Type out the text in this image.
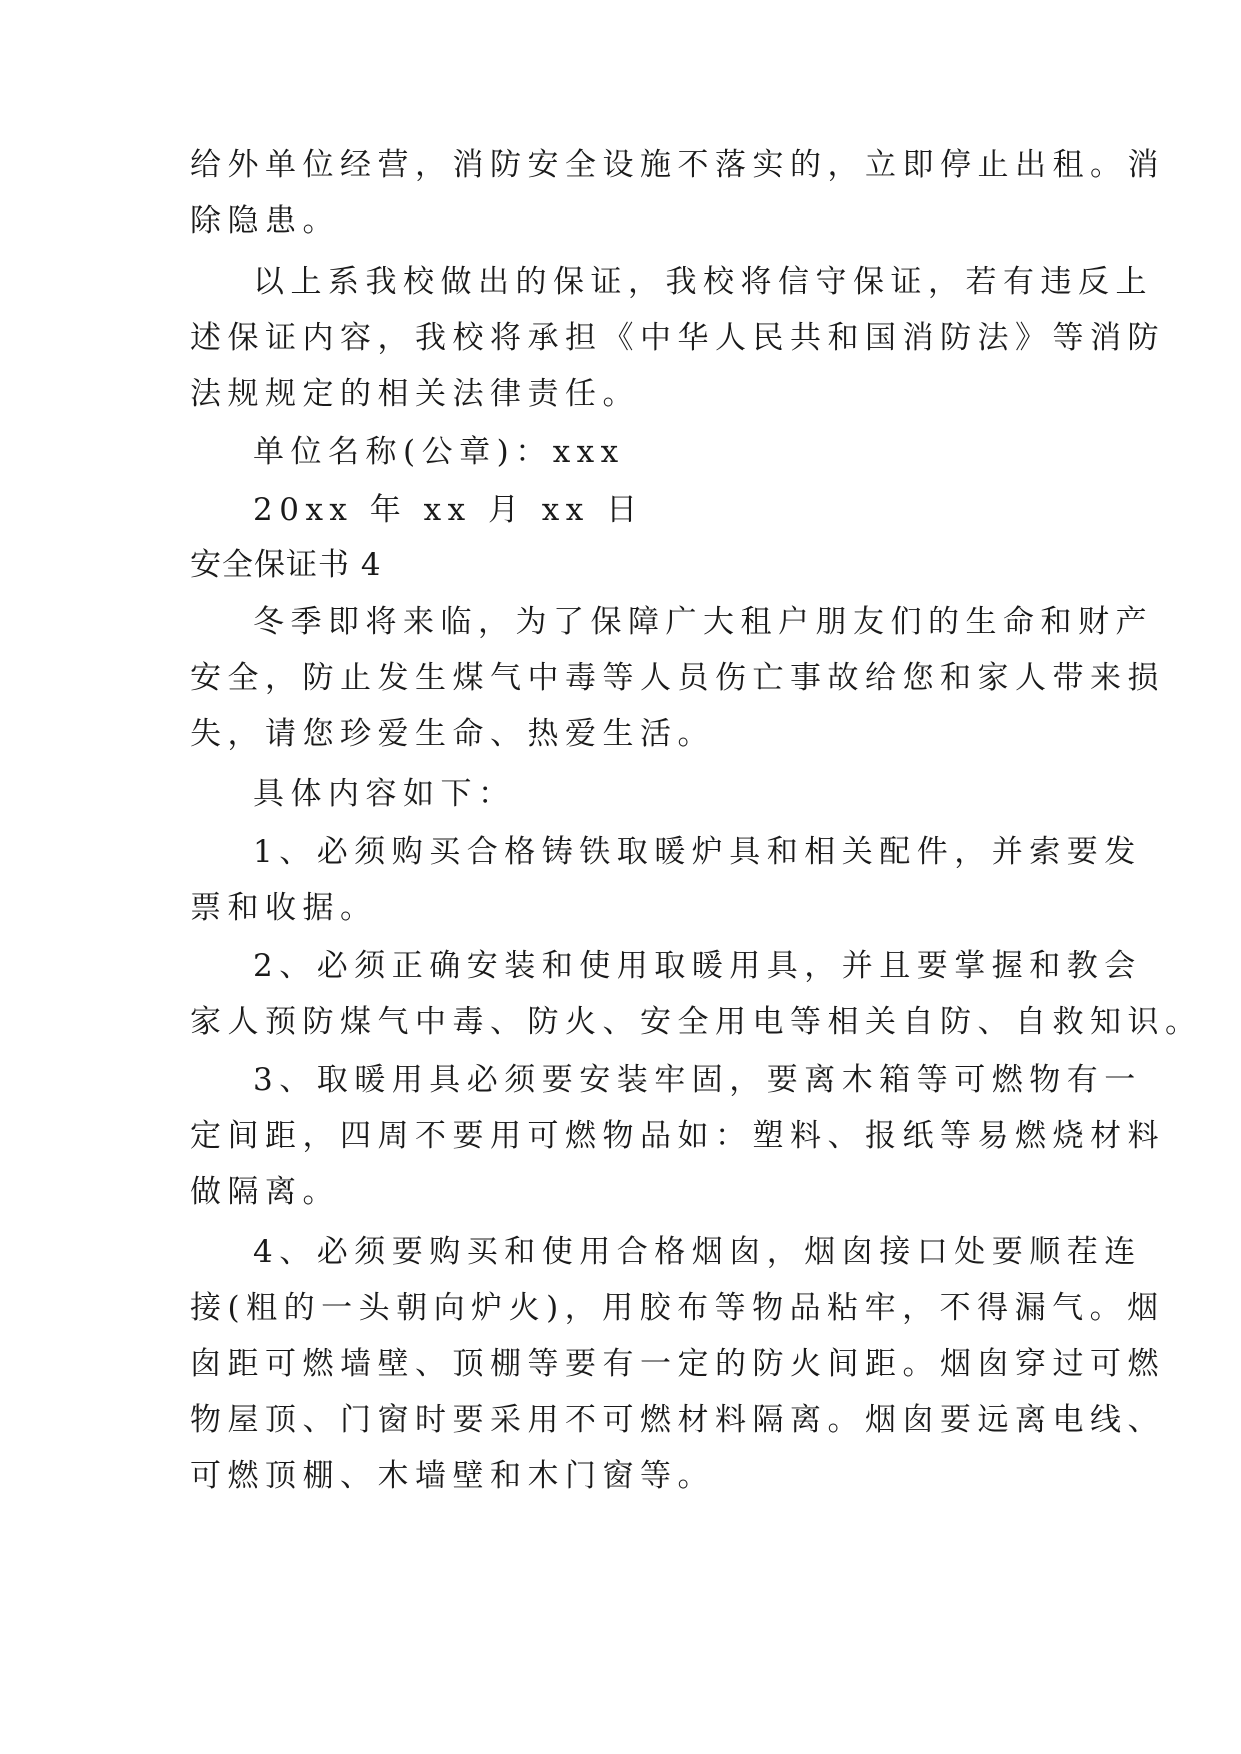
给外单位经营，消防安全设施不落实的，立即停止出租。消
除隐患。
以上系我校做出的保证，我校将信守保证，若有违反上
述保证内容，我校将承担《中华人民共和国消防法》等消防
法规规定的相关法律责任。
单位名称(公章)：xxx
20xx 年 xx 月 xx 日
安全保证书 4
冬季即将来临，为了保障广大租户朋友们的生命和财产
安全，防止发生煤气中毒等人员伤亡事故给您和家人带来损
失，请您珍爱生命、热爱生活。
具体内容如下：
1、必须购买合格铸铁取暖炉具和相关配件，并索要发
票和收据。
2、必须正确安装和使用取暖用具，并且要掌握和教会
家人预防煤气中毒、防火、安全用电等相关自防、自救知识。
3、取暖用具必须要安装牢固，要离木箱等可燃物有一
定间距，四周不要用可燃物品如：塑料、报纸等易燃烧材料
做隔离。
4、必须要购买和使用合格烟囱，烟囱接口处要顺茬连
接(粗的一头朝向炉火)，用胶布等物品粘牢，不得漏气。烟
囱距可燃墙壁、顶棚等要有一定的防火间距。烟囱穿过可燃
物屋顶、门窗时要采用不可燃材料隔离。烟囱要远离电线、
可燃顶棚、木墙壁和木门窗等。
